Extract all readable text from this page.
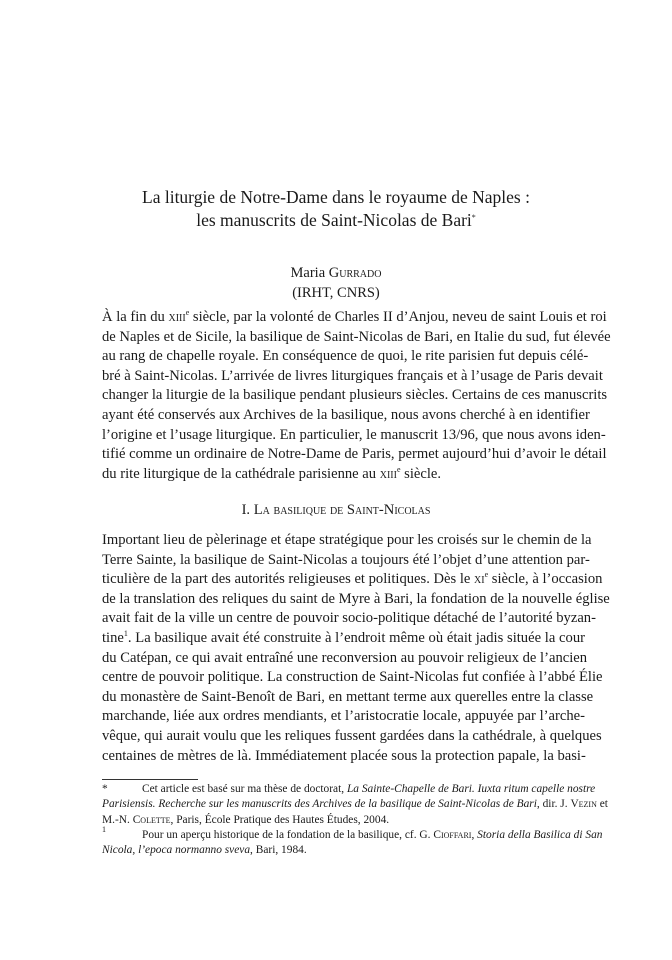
La liturgie de Notre-Dame dans le royaume de Naples :
les manuscrits de Saint-Nicolas de Bari*
Maria Gurrado
(IRHT, CNRS)
À la fin du xiii$^e$ siècle, par la volonté de Charles II d’Anjou, neveu de saint Louis et roi
de Naples et de Sicile, la basilique de Saint-Nicolas de Bari, en Italie du sud, fut élevée
au rang de chapelle royale. En conséquence de quoi, le rite parisien fut depuis célé-
bré à Saint-Nicolas. L’arrivée de livres liturgiques français et à l’usage de Paris devait
changer la liturgie de la basilique pendant plusieurs siècles. Certains de ces manuscrits
ayant été conservés aux Archives de la basilique, nous avons cherché à en identifier
l’origine et l’usage liturgique. En particulier, le manuscrit 13/96, que nous avons iden-
tifié comme un ordinaire de Notre-Dame de Paris, permet aujourd’hui d’avoir le détail
du rite liturgique de la cathédrale parisienne au xiii$^e$ siècle.
I. La basilique de Saint-Nicolas
Important lieu de pèlerinage et étape stratégique pour les croisés sur le chemin de la
Terre Sainte, la basilique de Saint-Nicolas a toujours été l’objet d’une attention par-
ticulière de la part des autorités religieuses et politiques. Dès le $xi^e$ siècle, à l’occasion
de la translation des reliques du saint de Myre à Bari, la fondation de la nouvelle église
avait fait de la ville un centre de pouvoir socio-politique détaché de l’autorité byzan-
tine$^1$. La basilique avait été construite à l’endroit même où était jadis située la cour
du Catépan, ce qui avait entraîné une reconversion au pouvoir religieux de l’ancien
centre de pouvoir politique. La construction de Saint-Nicolas fut confiée à l’abbé Élie
du monastère de Saint-Benoît de Bari, en mettant terme aux querelles entre la classe
marchande, liée aux ordres mendiants, et l’aristocratie locale, appuyée par l’arche-
vêque, qui aurait voulu que les reliques fussent gardées dans la cathédrale, à quelques
centaines de mètres de là. Immédiatement placée sous la protection papale, la basi-
*	Cet article est basé sur ma thèse de doctorat, La Sainte-Chapelle de Bari. Iuxta ritum capelle nostre
Parisiensis. Recherche sur les manuscrits des Archives de la basilique de Saint-Nicolas de Bari, dir. J. Vezin et
M.-N. Colette, Paris, École Pratique des Hautes Études, 2004.
$^1$	Pour un aperçu historique de la fondation de la basilique, cf. G. Cioffari, Storia della Basilica di San
Nicola, l’epoca normanno sveva, Bari, 1984.
